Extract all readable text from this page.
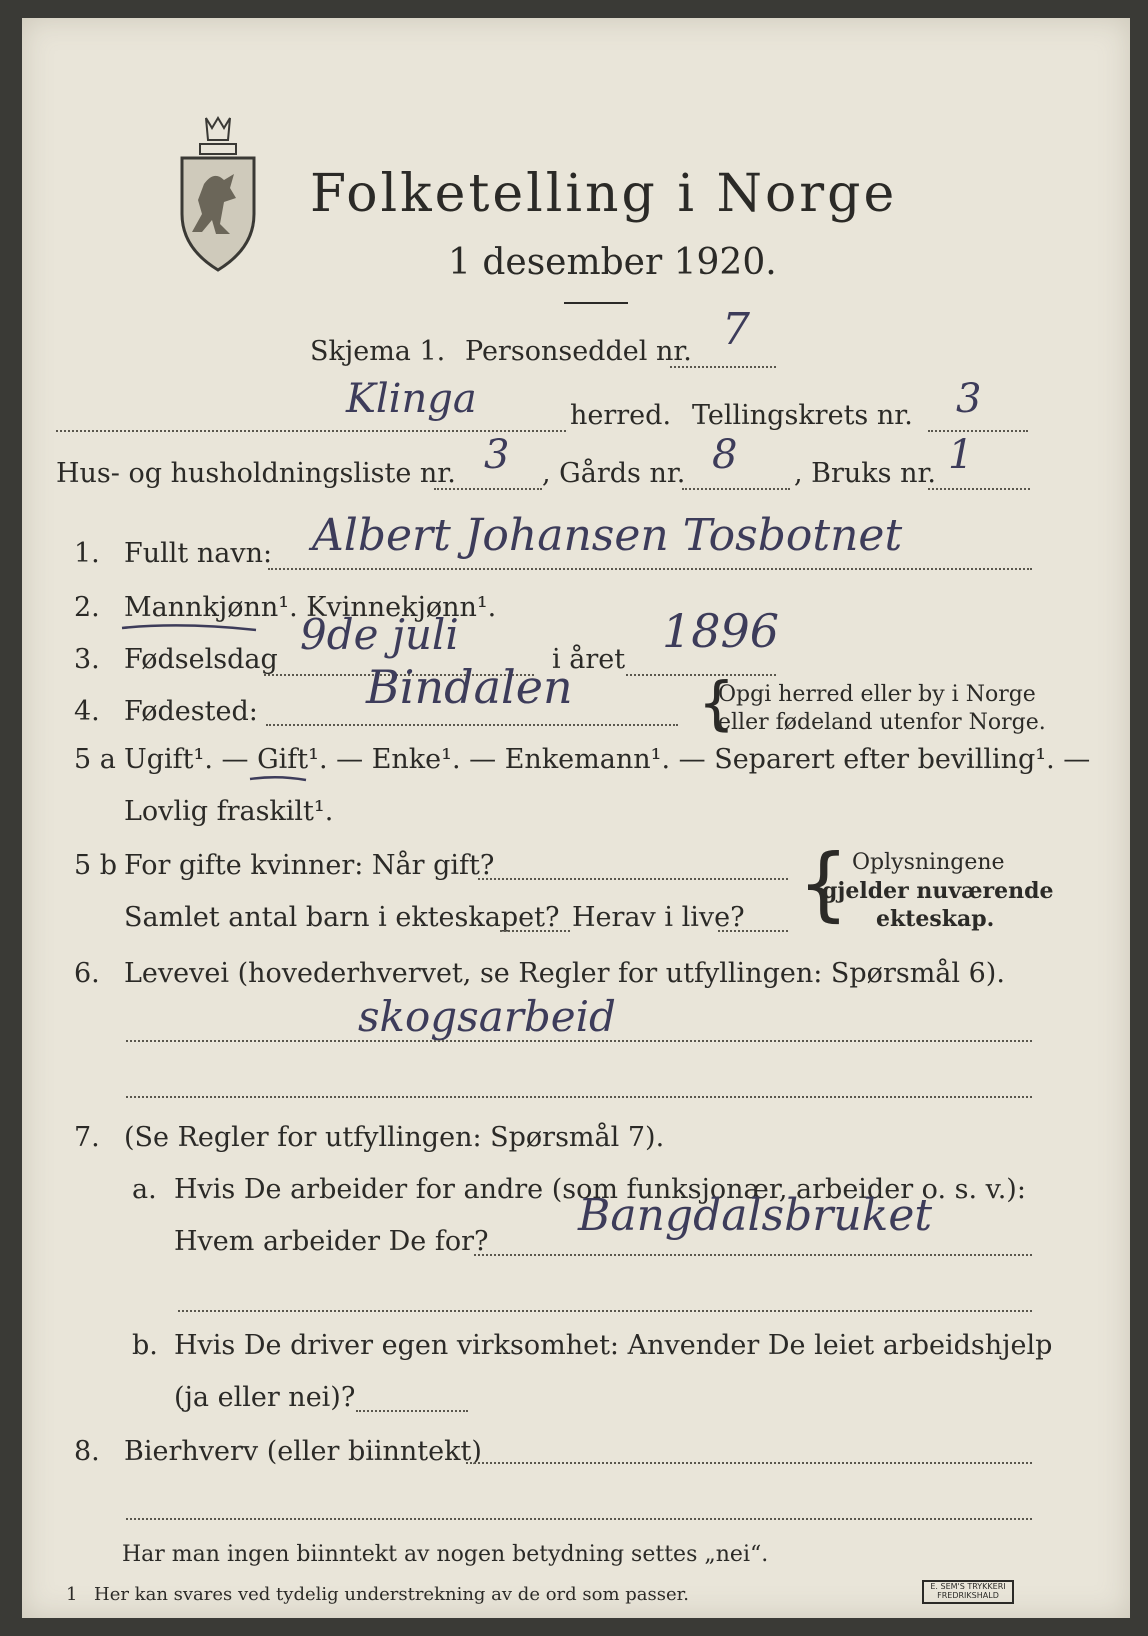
Folketelling i Norge
1 desember 1920.
Skjema 1. Personseddel nr. 7
Klinga	herred. Tellingskrets nr. 3
Hus- og husholdningsliste nr. 3 , Gårds nr. 8 , Bruks nr. 1
1. Fullt navn: Albert Johansen Tosbotnet
2. Mannkjønn¹. Kvinnekjønn¹.
3. Fødselsdag
9de juli
i året
1896
4. Fødested: Bindalen {
Opgi herred eller by i Norge
eller fødeland utenfor Norge.
5 a Ugift¹. — Gift¹. — Enke¹. — Enkemann¹. — Separert efter bevilling¹. —
Lovlig fraskilt¹.
5 b For gifte kvinner: Når gift?
Samlet antal barn i ekteskapet? Herav i live? { Oplysningene
gjelder nuværende
ekteskap.
6. Levevei (hovederhvervet, se Regler for utfyllingen: Spørsmål 6).
skogsarbeid
7. (Se Regler for utfyllingen: Spørsmål 7).
a. Hvis De arbeider for andre (som funksjonær, arbeider o. s. v.):
Hvem arbeider De for?
Bangdalsbruket
b. Hvis De driver egen virksomhet: Anvender De leiet arbeidshjelp
(ja eller nei)?
8. Bierhverv (eller biinntekt)
Har man ingen biinntekt av nogen betydning settes „nei“.
1 Her kan svares ved tydelig understrekning av de ord som passer.	E. SEM'S TRYKKERI FREDRIKSHALD
